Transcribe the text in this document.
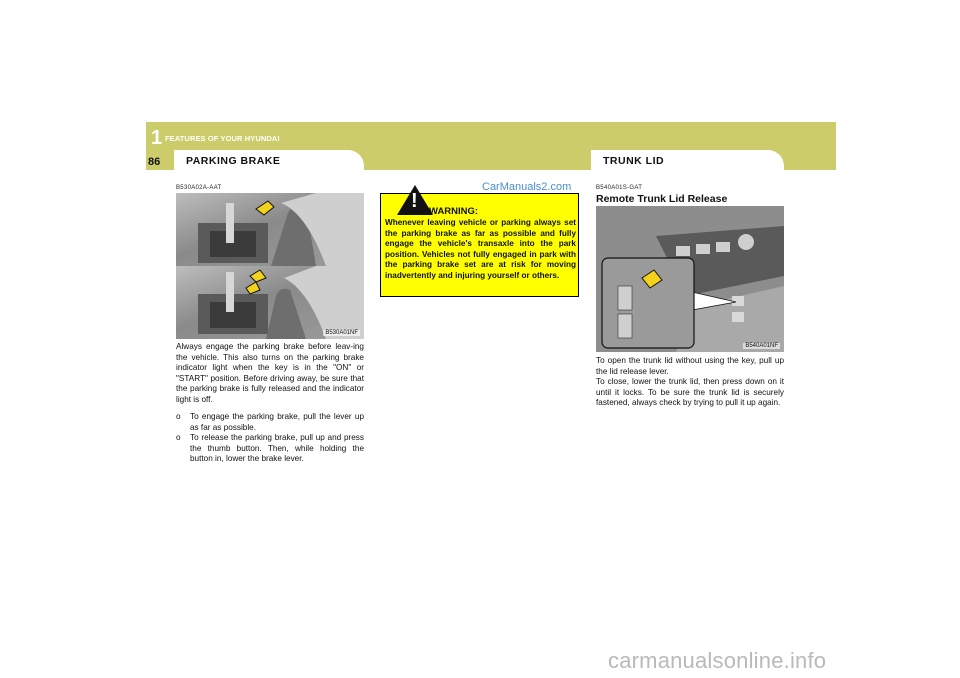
1 FEATURES OF YOUR HYUNDAI
86 PARKING BRAKE	TRUNK LID
B530A02A-AAT
B530A01NF
Always engage the parking brake before leav-ing the vehicle. This also turns on the parking brake indicator light when the key is in the "ON" or "START" position. Before driving away, be sure that the parking brake is fully released and the indicator light is off.
o To engage the parking brake, pull the lever up as far as possible.
o To release the parking brake, pull up and press the thumb button. Then, while holding the button in, lower the brake lever.
CarManuals2.com
! WARNING:
Whenever leaving vehicle or parking always set the parking brake as far as possible and fully engage the vehicle's transaxle into the park position. Vehicles not fully engaged in park with the parking brake set are at risk for moving inadvertently and injuring yourself or others.
B540A01S-GAT
Remote Trunk Lid Release
B540A01NF
To open the trunk lid without using the key, pull up the lid release lever.
To close, lower the trunk lid, then press down on it until it locks. To be sure the trunk lid is securely fastened, always check by trying to pull it up again.
carmanualsonline.info
